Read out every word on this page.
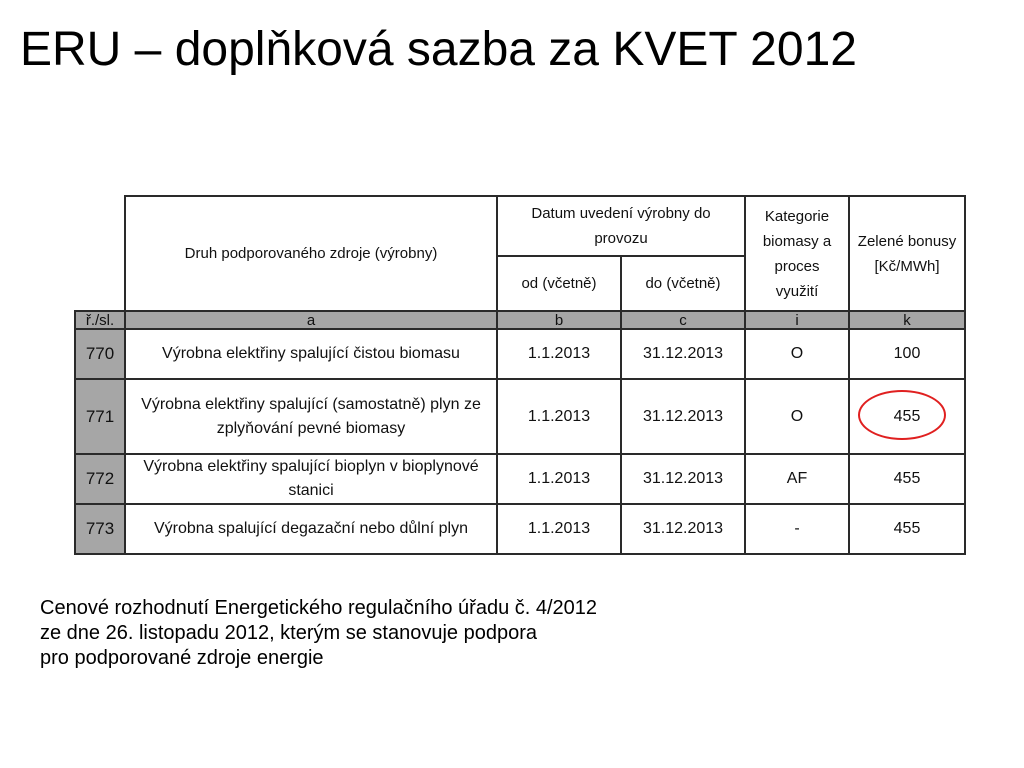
ERU – doplňková sazba za KVET 2012
	Druh podporovaného zdroje (výrobny)	Datum uvedení výrobny do provozu		Kategorie biomasy a proces využití	Zelené bonusy [Kč/MWh]
		od (včetně)	do (včetně)		
ř./sl.	a	b	c	i	k
770	Výrobna elektřiny spalující čistou biomasu	1.1.2013	31.12.2013	O	100
771	Výrobna elektřiny spalující (samostatně) plyn ze zplyňování pevné biomasy	1.1.2013	31.12.2013	O	455
772	Výrobna elektřiny spalující bioplyn v bioplynové stanici	1.1.2013	31.12.2013	AF	455
773	Výrobna spalující degazační nebo důlní plyn	1.1.2013	31.12.2013	-	455
Cenové rozhodnutí Energetického regulačního úřadu č. 4/2012
ze dne 26. listopadu 2012, kterým se stanovuje podpora
pro podporované zdroje energie
